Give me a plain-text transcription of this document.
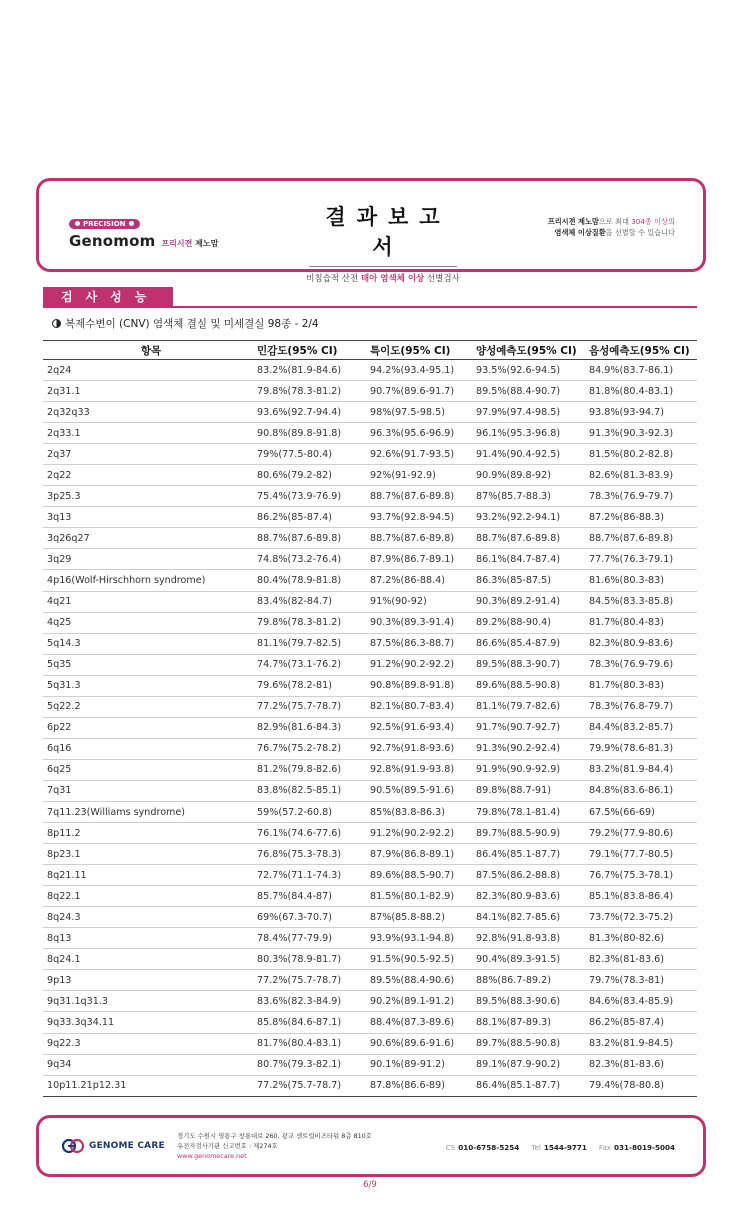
PRECISION
Genomom 프리시젼 제노맘
결과보고서
비침습적 산전 태아 염색체 이상 선별검사
프리시젼 제노맘으로 최대 304종 이상의
염색체 이상질환을 선별할 수 있습니다
검사성능
복제수변이 (CNV) 염색체 결실 및 미세결실 98종 - 2/4
항목	민감도(95% CI)	특이도(95% CI)	양성예측도(95% CI)	음성예측도(95% CI)
2q24	83.2%(81.9-84.6)	94.2%(93.4-95.1)	93.5%(92.6-94.5)	84.9%(83.7-86.1)
2q31.1	79.8%(78.3-81.2)	90.7%(89.6-91.7)	89.5%(88.4-90.7)	81.8%(80.4-83.1)
2q32q33	93.6%(92.7-94.4)	98%(97.5-98.5)	97.9%(97.4-98.5)	93.8%(93-94.7)
2q33.1	90.8%(89.8-91.8)	96.3%(95.6-96.9)	96.1%(95.3-96.8)	91.3%(90.3-92.3)
2q37	79%(77.5-80.4)	92.6%(91.7-93.5)	91.4%(90.4-92.5)	81.5%(80.2-82.8)
2q22	80.6%(79.2-82)	92%(91-92.9)	90.9%(89.8-92)	82.6%(81.3-83.9)
3p25.3	75.4%(73.9-76.9)	88.7%(87.6-89.8)	87%(85.7-88.3)	78.3%(76.9-79.7)
3q13	86.2%(85-87.4)	93.7%(92.8-94.5)	93.2%(92.2-94.1)	87.2%(86-88.3)
3q26q27	88.7%(87.6-89.8)	88.7%(87.6-89.8)	88.7%(87.6-89.8)	88.7%(87.6-89.8)
3q29	74.8%(73.2-76.4)	87.9%(86.7-89.1)	86.1%(84.7-87.4)	77.7%(76.3-79.1)
4p16(Wolf-Hirschhorn syndrome)	80.4%(78.9-81.8)	87.2%(86-88.4)	86.3%(85-87.5)	81.6%(80.3-83)
4q21	83.4%(82-84.7)	91%(90-92)	90.3%(89.2-91.4)	84.5%(83.3-85.8)
4q25	79.8%(78.3-81.2)	90.3%(89.3-91.4)	89.2%(88-90.4)	81.7%(80.4-83)
5q14.3	81.1%(79.7-82.5)	87.5%(86.3-88.7)	86.6%(85.4-87.9)	82.3%(80.9-83.6)
5q35	74.7%(73.1-76.2)	91.2%(90.2-92.2)	89.5%(88.3-90.7)	78.3%(76.9-79.6)
5q31.3	79.6%(78.2-81)	90.8%(89.8-91.8)	89.6%(88.5-90.8)	81.7%(80.3-83)
5q22.2	77.2%(75.7-78.7)	82.1%(80.7-83.4)	81.1%(79.7-82.6)	78.3%(76.8-79.7)
6p22	82.9%(81.6-84.3)	92.5%(91.6-93.4)	91.7%(90.7-92.7)	84.4%(83.2-85.7)
6q16	76.7%(75.2-78.2)	92.7%(91.8-93.6)	91.3%(90.2-92.4)	79.9%(78.6-81.3)
6q25	81.2%(79.8-82.6)	92.8%(91.9-93.8)	91.9%(90.9-92.9)	83.2%(81.9-84.4)
7q31	83.8%(82.5-85.1)	90.5%(89.5-91.6)	89.8%(88.7-91)	84.8%(83.6-86.1)
7q11.23(Williams syndrome)	59%(57.2-60.8)	85%(83.8-86.3)	79.8%(78.1-81.4)	67.5%(66-69)
8p11.2	76.1%(74.6-77.6)	91.2%(90.2-92.2)	89.7%(88.5-90.9)	79.2%(77.9-80.6)
8p23.1	76.8%(75.3-78.3)	87.9%(86.8-89.1)	86.4%(85.1-87.7)	79.1%(77.7-80.5)
8q21.11	72.7%(71.1-74.3)	89.6%(88.5-90.7)	87.5%(86.2-88.8)	76.7%(75.3-78.1)
8q22.1	85.7%(84.4-87)	81.5%(80.1-82.9)	82.3%(80.9-83.6)	85.1%(83.8-86.4)
8q24.3	69%(67.3-70.7)	87%(85.8-88.2)	84.1%(82.7-85.6)	73.7%(72.3-75.2)
8q13	78.4%(77-79.9)	93.9%(93.1-94.8)	92.8%(91.8-93.8)	81.3%(80-82.6)
8q24.1	80.3%(78.9-81.7)	91.5%(90.5-92.5)	90.4%(89.3-91.5)	82.3%(81-83.6)
9p13	77.2%(75.7-78.7)	89.5%(88.4-90.6)	88%(86.7-89.2)	79.7%(78.3-81)
9q31.1q31.3	83.6%(82.3-84.9)	90.2%(89.1-91.2)	89.5%(88.3-90.6)	84.6%(83.4-85.9)
9q33.3q34.11	85.8%(84.6-87.1)	88.4%(87.3-89.6)	88.1%(87-89.3)	86.2%(85-87.4)
9q22.3	81.7%(80.4-83.1)	90.6%(89.6-91.6)	89.7%(88.5-90.8)	83.2%(81.9-84.5)
9q34	80.7%(79.3-82.1)	90.1%(89-91.2)	89.1%(87.9-90.2)	82.3%(81-83.6)
10p11.21p12.31	77.2%(75.7-78.7)	87.8%(86.6-89)	86.4%(85.1-87.7)	79.4%(78-80.8)
GENOME CARE
경기도 수원시 영통구 창룡대로 260, 광교 센트럴비즈타워 8층 810호
유전자검사기관 신고번호 : 제274호
www.genomecare.net
CS 010-6758-5254 Tel 1544-9771 Fax 031-8019-5004
6/9
